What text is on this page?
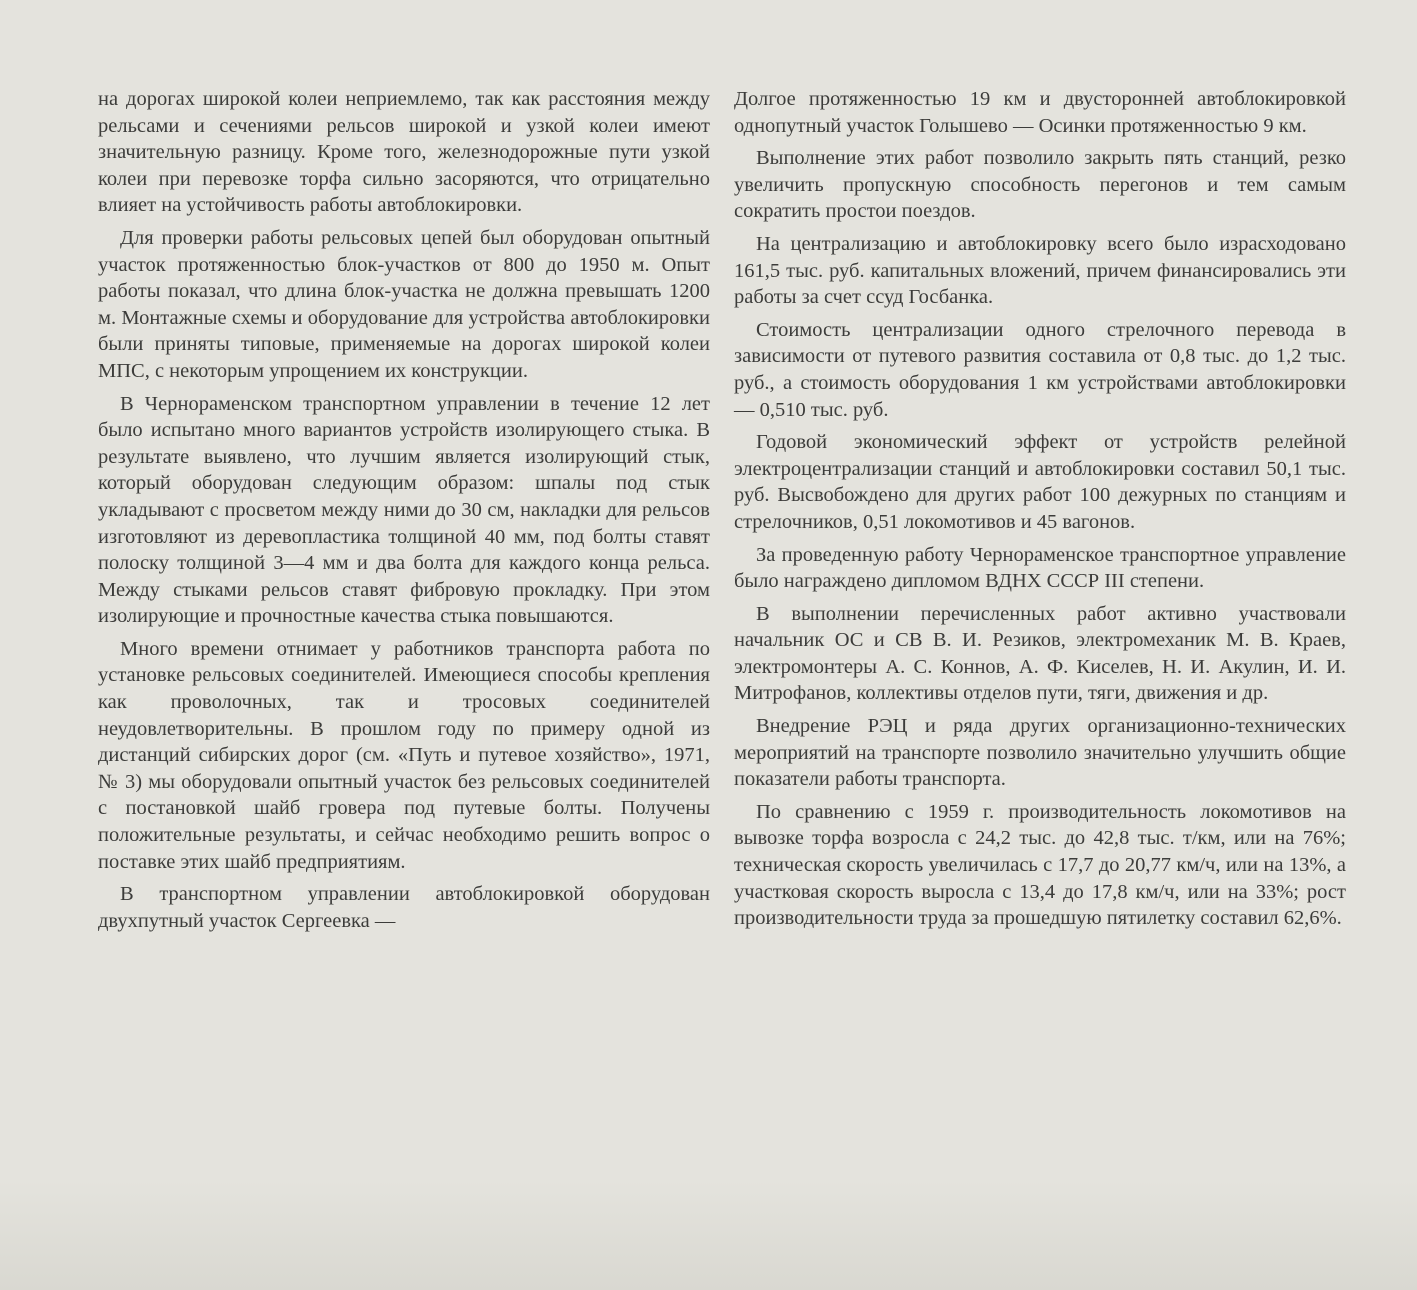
на дорогах широкой колеи неприемлемо, так как расстояния между рельсами и сечениями рельсов широкой и узкой колеи имеют значительную разницу. Кроме того, железнодорожные пути узкой колеи при перевозке торфа сильно засоряются, что отрицательно влияет на устойчивость работы автоблокировки.

Для проверки работы рельсовых цепей был оборудован опытный участок протяженностью блок-участков от 800 до 1950 м. Опыт работы показал, что длина блок-участка не должна превышать 1200 м. Монтажные схемы и оборудование для устройства автоблокировки были приняты типовые, применяемые на дорогах широкой колеи МПС, с некоторым упрощением их конструкции.

В Чернораменском транспортном управлении в течение 12 лет было испытано много вариантов устройств изолирующего стыка. В результате выявлено, что лучшим является изолирующий стык, который оборудован следующим образом: шпалы под стык укладывают с просветом между ними до 30 см, накладки для рельсов изготовляют из деревопластика толщиной 40 мм, под болты ставят полоску толщиной 3—4 мм и два болта для каждого конца рельса. Между стыками рельсов ставят фибровую прокладку. При этом изолирующие и прочностные качества стыка повышаются.

Много времени отнимает у работников транспорта работа по установке рельсовых соединителей. Имеющиеся способы крепления как проволочных, так и тросовых соединителей неудовлетворительны. В прошлом году по примеру одной из дистанций сибирских дорог (см. «Путь и путевое хозяйство», 1971, № 3) мы оборудовали опытный участок без рельсовых соединителей с постановкой шайб гровера под путевые болты. Получены положительные результаты, и сейчас необходимо решить вопрос о поставке этих шайб предприятиям.

В транспортном управлении автоблокировкой оборудован двухпутный участок Сергеевка —

Долгое протяженностью 19 км и двусторонней автоблокировкой однопутный участок Голышево — Осинки протяженностью 9 км.

Выполнение этих работ позволило закрыть пять станций, резко увеличить пропускную способность перегонов и тем самым сократить простои поездов.

На централизацию и автоблокировку всего было израсходовано 161,5 тыс. руб. капитальных вложений, причем финансировались эти работы за счет ссуд Госбанка.

Стоимость централизации одного стрелочного перевода в зависимости от путевого развития составила от 0,8 тыс. до 1,2 тыс. руб., а стоимость оборудования 1 км устройствами автоблокировки — 0,510 тыс. руб.

Годовой экономический эффект от устройств релейной электроцентрализации станций и автоблокировки составил 50,1 тыс. руб. Высвобождено для других работ 100 дежурных по станциям и стрелочников, 0,51 локомотивов и 45 вагонов.

За проведенную работу Чернораменское транспортное управление было награждено дипломом ВДНХ СССР III степени.

В выполнении перечисленных работ активно участвовали начальник ОС и СВ В. И. Резиков, электромеханик М. В. Краев, электромонтеры А. С. Коннов, А. Ф. Киселев, Н. И. Акулин, И. И. Митрофанов, коллективы отделов пути, тяги, движения и др.

Внедрение РЭЦ и ряда других организационно-технических мероприятий на транспорте позволило значительно улучшить общие показатели работы транспорта.

По сравнению с 1959 г. производительность локомотивов на вывозке торфа возросла с 24,2 тыс. до 42,8 тыс. т/км, или на 76%; техническая скорость увеличилась с 17,7 до 20,77 км/ч, или на 13%, а участковая скорость выросла с 13,4 до 17,8 км/ч, или на 33%; рост производительности труда за прошедшую пятилетку составил 62,6%.
